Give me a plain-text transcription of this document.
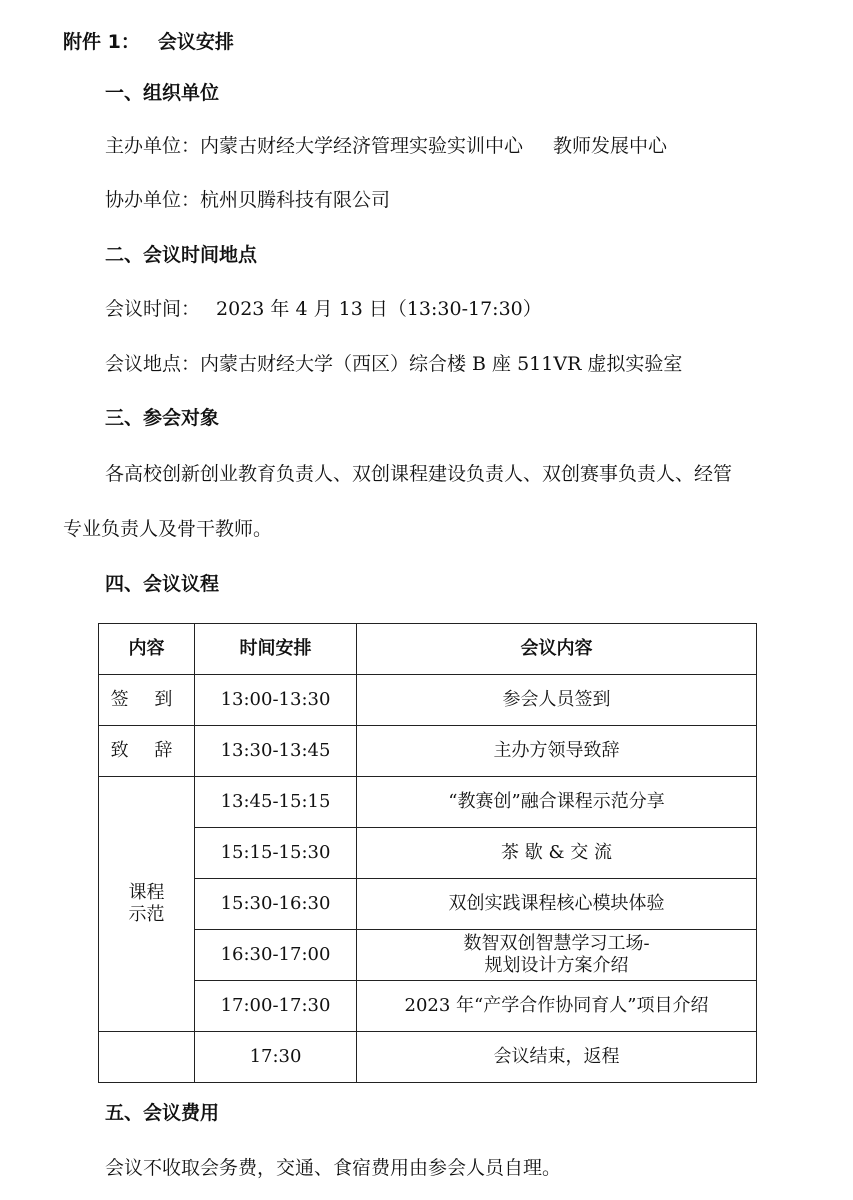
附件 1： 会议安排
一、组织单位
主办单位：内蒙古财经大学经济管理实验实训中心 教师发展中心
协办单位：杭州贝腾科技有限公司
二、会议时间地点
会议时间： 2023 年 4 月 13 日（13:30-17:30）
会议地点：内蒙古财经大学（西区）综合楼 B 座 511VR 虚拟实验室
三、参会对象
各高校创新创业教育负责人、双创课程建设负责人、双创赛事负责人、经管
专业负责人及骨干教师。
四、会议议程
内容	时间安排	会议内容
签 到	13:00-13:30	参会人员签到
致 辞	13:30-13:45	主办方领导致辞
课程
示范	13:45-15:15	“教赛创”融合课程示范分享
	15:15-15:30	茶 歇 & 交 流
	15:30-16:30	双创实践课程核心模块体验
	16:30-17:00	数智双创智慧学习工场-
规划设计方案介绍
	17:00-17:30	2023 年“产学合作协同育人”项目介绍
	17:30	会议结束，返程
五、会议费用
会议不收取会务费，交通、食宿费用由参会人员自理。
